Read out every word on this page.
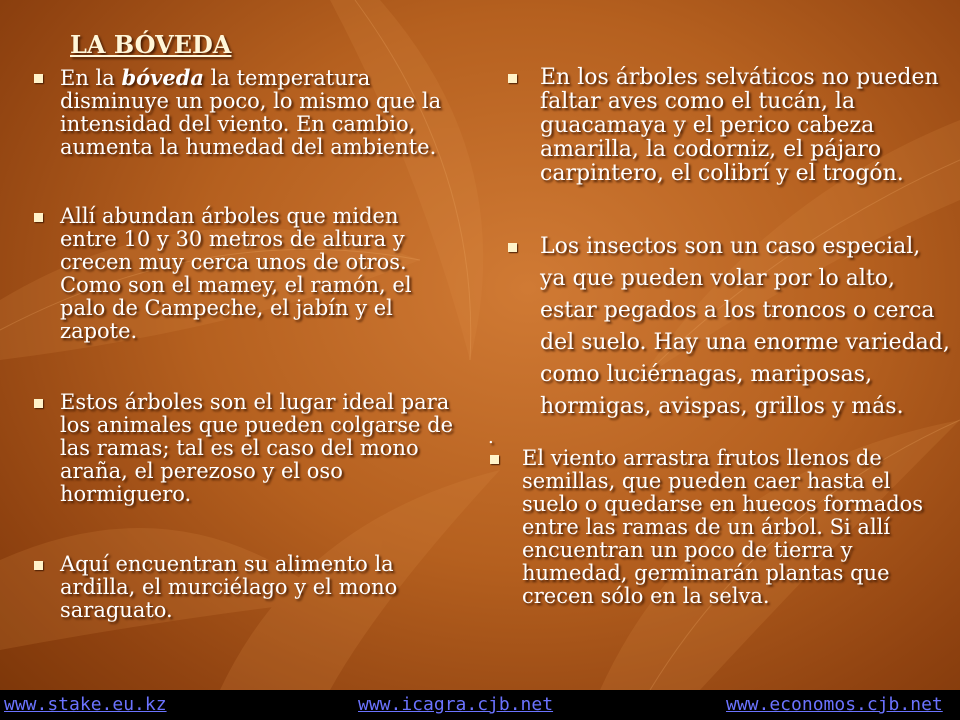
LA BÓVEDA
En la bóveda la temperatura disminuye un poco, lo mismo que la intensidad del viento. En cambio, aumenta la humedad del ambiente.
Allí abundan árboles que miden entre 10 y 30 metros de altura y crecen muy cerca unos de otros. Como son el mamey, el ramón, el palo de Campeche, el jabín y el zapote.
Estos árboles son el lugar ideal para los animales que pueden colgarse de las ramas; tal es el caso del mono araña, el perezoso y el oso hormiguero.
Aquí encuentran su alimento la ardilla, el murciélago y el mono saraguato.
En los árboles selváticos no pueden faltar aves como el tucán, la guacamaya y el perico cabeza amarilla, la codorniz, el pájaro carpintero, el colibrí y el trogón.
Los insectos son un caso especial, ya que pueden volar por lo alto, estar pegados a los troncos o cerca del suelo. Hay una enorme variedad, como luciérnagas, mariposas, hormigas, avispas, grillos y más.
.
El viento arrastra frutos llenos de semillas, que pueden caer hasta el suelo o quedarse en huecos formados entre las ramas de un árbol. Si allí encuentran un poco de tierra y humedad, germinarán plantas que crecen sólo en la selva.
www.stake.eu.kz	www.icagra.cjb.net	www.economos.cjb.net
